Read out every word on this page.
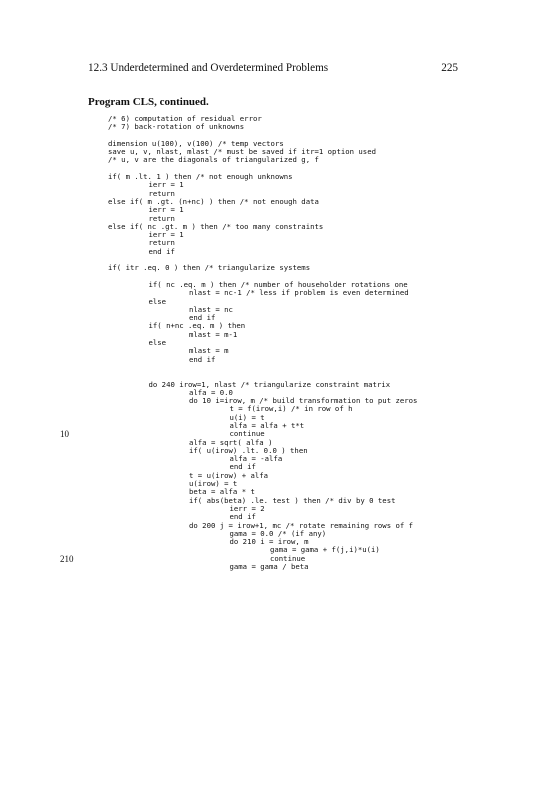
12.3 Underdetermined and Overdetermined Problems	225
Program CLS, continued.
/* 6) computation of residual error
/* 7) back-rotation of unknowns
dimension u(100), v(100) /* temp vectors
save u, v, nlast, mlast /* must be saved if itr=1 option used
/* u, v are the diagonals of triangularized g, f
if( m .lt. 1 ) then /* not enough unknowns
ierr = 1
return
else if( m .gt. (n+nc) ) then /* not enough data
ierr = 1
return
else if( nc .gt. m ) then /* too many constraints
ierr = 1
return
end if
if( itr .eq. 0 ) then /* triangularize systems
if( nc .eq. m ) then /* number of householder rotations one
nlast = nc-1 /* less if problem is even determined
else
nlast = nc
end if
if( n+nc .eq. m ) then
mlast = m-1
else
mlast = m
end if
do 240 irow=1, nlast /* triangularize constraint matrix
alfa = 0.0
do 10 i=irow, m /* build transformation to put zeros
t = f(irow,i) /* in row of h
u(i) = t
alfa = alfa + t*t
continue
10
alfa = sqrt( alfa )
if( u(irow) .lt. 0.0 ) then
alfa = -alfa
end if
t = u(irow) + alfa
u(irow) = t
beta = alfa * t
if( abs(beta) .le. test ) then /* div by 0 test
ierr = 2
end if
do 200 j = irow+1, mc /* rotate remaining rows of f
gama = 0.0 /* (if any)
do 210 i = irow, m
gama = gama + f(j,i)*u(i)
continue
210
gama = gama / beta
